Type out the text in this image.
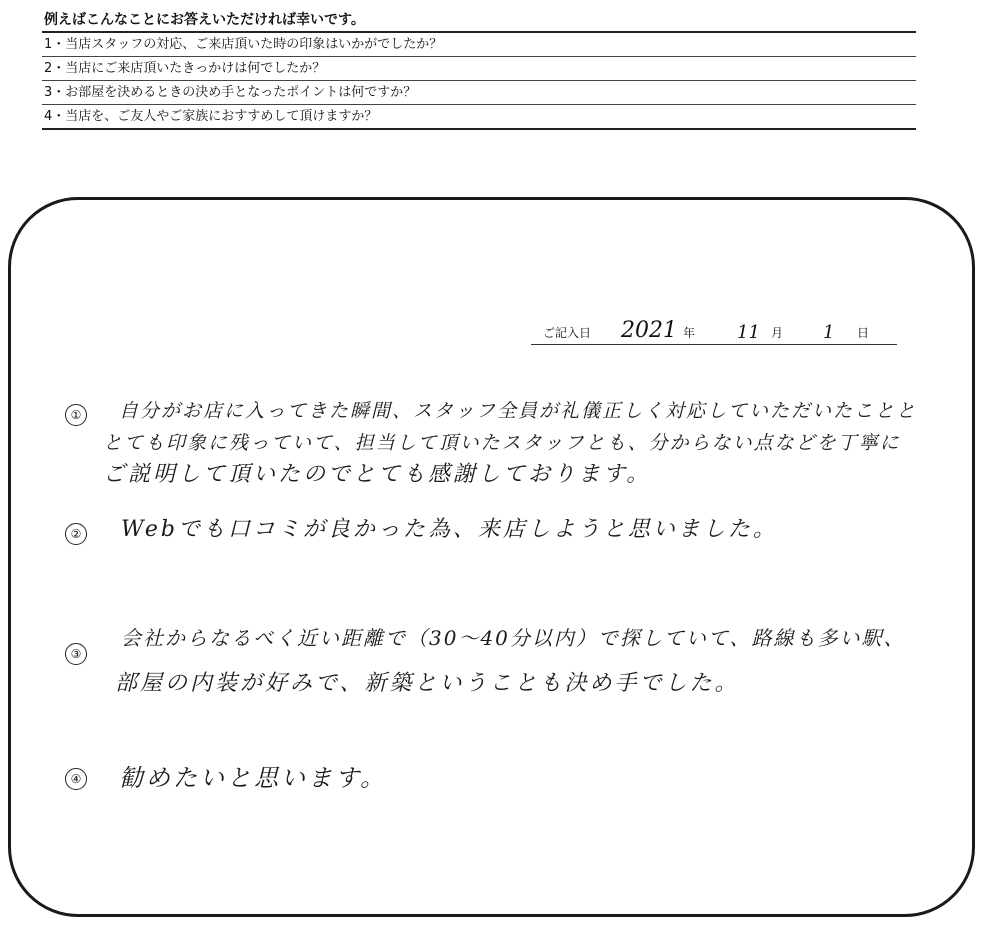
例えばこんなことにお答えいただければ幸いです。
1・当店スタッフの対応、ご来店頂いた時の印象はいかがでしたか？
2・当店にご来店頂いたきっかけは何でしたか？
3・お部屋を決めるときの決め手となったポイントは何ですか？
4・当店を、ご友人やご家族におすすめして頂けますか？
ご記入日 2021 年 11 月 1 日
① 自分がお店に入ってきた瞬間、スタッフ全員が礼儀正しく対応していただいたことと
とても印象に残っていて、担当して頂いたスタッフとも、分からない点などを丁寧に
ご説明して頂いたのでとても感謝しております。
② Webでも口コミが良かった為、来店しようと思いました。
③
会社からなるべく近い距離で（30〜40分以内）で探していて、路線も多い駅、
部屋の内装が好みで、新築ということも決め手でした。
④ 勧めたいと思います。
